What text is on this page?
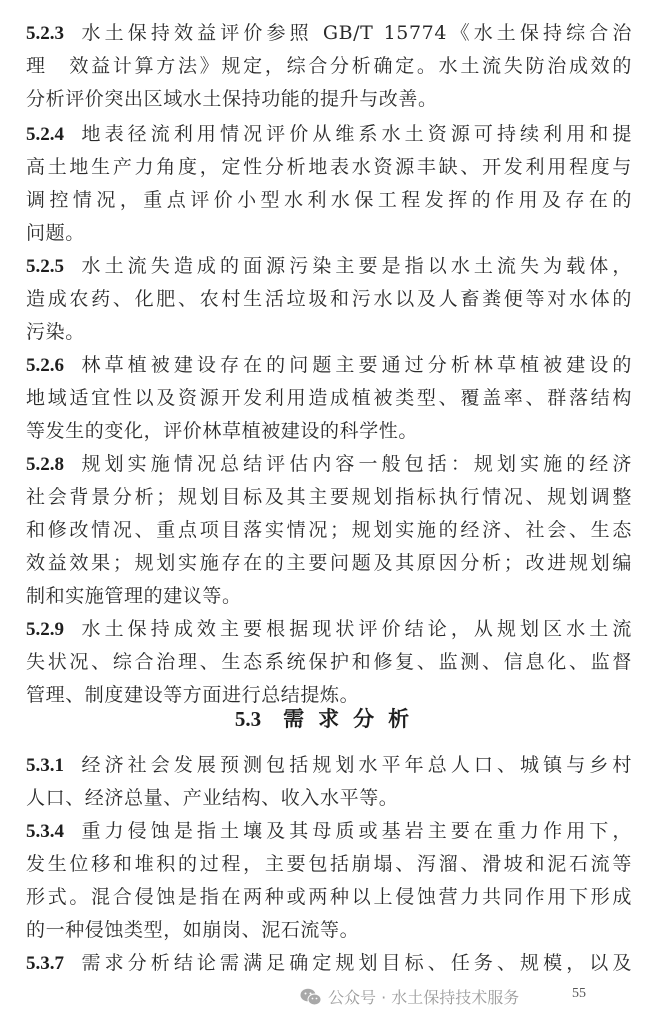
5.2.3 水土保持效益评价参照 GB/T 15774《水土保持综合治
理　效益计算方法》规定，综合分析确定。水土流失防治成效的
分析评价突出区域水土保持功能的提升与改善。
5.2.4 地表径流利用情况评价从维系水土资源可持续利用和提
高土地生产力角度，定性分析地表水资源丰缺、开发利用程度与
调控情况，重点评价小型水利水保工程发挥的作用及存在的
问题。
5.2.5 水土流失造成的面源污染主要是指以水土流失为载体，
造成农药、化肥、农村生活垃圾和污水以及人畜粪便等对水体的
污染。
5.2.6 林草植被建设存在的问题主要通过分析林草植被建设的
地域适宜性以及资源开发利用造成植被类型、覆盖率、群落结构
等发生的变化，评价林草植被建设的科学性。
5.2.8 规划实施情况总结评估内容一般包括：规划实施的经济
社会背景分析；规划目标及其主要规划指标执行情况、规划调整
和修改情况、重点项目落实情况；规划实施的经济、社会、生态
效益效果；规划实施存在的主要问题及其原因分析；改进规划编
制和实施管理的建议等。
5.2.9 水土保持成效主要根据现状评价结论，从规划区水土流
失状况、综合治理、生态系统保护和修复、监测、信息化、监督
管理、制度建设等方面进行总结提炼。
5.3 需求分析
5.3.1 经济社会发展预测包括规划水平年总人口、城镇与乡村
人口、经济总量、产业结构、收入水平等。
5.3.4 重力侵蚀是指土壤及其母质或基岩主要在重力作用下，
发生位移和堆积的过程，主要包括崩塌、泻溜、滑坡和泥石流等
形式。混合侵蚀是指在两种或两种以上侵蚀营力共同作用下形成
的一种侵蚀类型，如崩岗、泥石流等。
5.3.7 需求分析结论需满足确定规划目标、任务、规模，以及
55
公众号 · 水土保持技术服务
